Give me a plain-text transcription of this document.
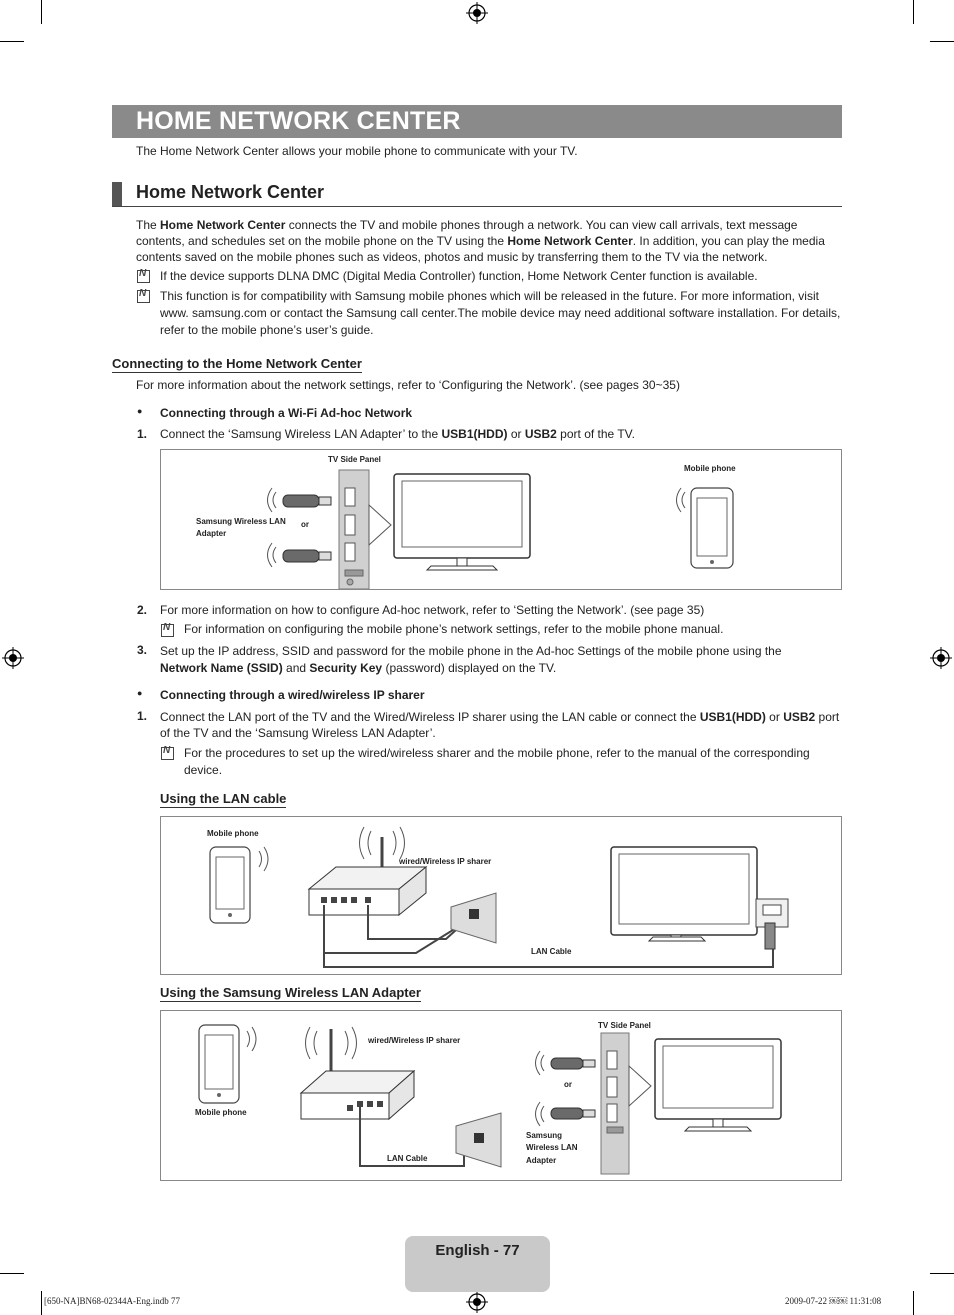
HOME NETWORK CENTER
The Home Network Center allows your mobile phone to communicate with your TV.
Home Network Center

The Home Network Center connects the TV and mobile phones through a network. You can view call arrivals, text message contents, and schedules set on the mobile phone on the TV using the Home Network Center. In addition, you can play the media contents saved on the mobile phones such as videos, photos and music by transferring them to the TV via the network.

N

If the device supports DLNA DMC (Digital Media Controller) function, Home Network Center function is available.

N

This function is for compatibility with Samsung mobile phones which will be released in the future. For more information, visit www. samsung.com or contact the Samsung call center.The mobile device may need additional software installation. For details, refer to the mobile phone’s user’s guide.

Connecting to the Home Network Center
For more information about the network settings, refer to ‘Configuring the Network’. (see pages 30~35)
● Connecting through a Wi-Fi Ad-hoc Network
1. Connect the ‘Samsung Wireless LAN Adapter’ to the USB1(HDD) or USB2 port of the TV.
TV Side Panel
Mobile phone
Samsung Wireless LAN
Adapter
or
2. For more information on how to configure Ad-hoc network, refer to ‘Setting the Network’. (see page 35)
N
For information on configuring the mobile phone’s network settings, refer to the mobile phone manual.
3. Set up the IP address, SSID and password for the mobile phone in the Ad-hoc Settings of the mobile phone using the Network Name (SSID) and Security Key (password) displayed on the TV.

● Connecting through a wired/wireless IP sharer
1. Connect the LAN port of the TV and the Wired/Wireless IP sharer using the LAN cable or connect the USB1(HDD) or USB2 port of the TV and the ‘Samsung Wireless LAN Adapter’.

N

For the procedures to set up the wired/wireless sharer and the mobile phone, refer to the manual of the corresponding device.

Using the LAN cable
Mobile phone
wired/Wireless IP sharer
LAN Cable
Using the Samsung Wireless LAN Adapter
TV Side Panel
wired/Wireless IP sharer
Mobile phone
LAN Cable
or
Samsung
Wireless LAN
Adapter
English - 77
[650-NA]BN68-02344A-Eng.indb 77	2009-07-22 ￼￼ 11:31:08
